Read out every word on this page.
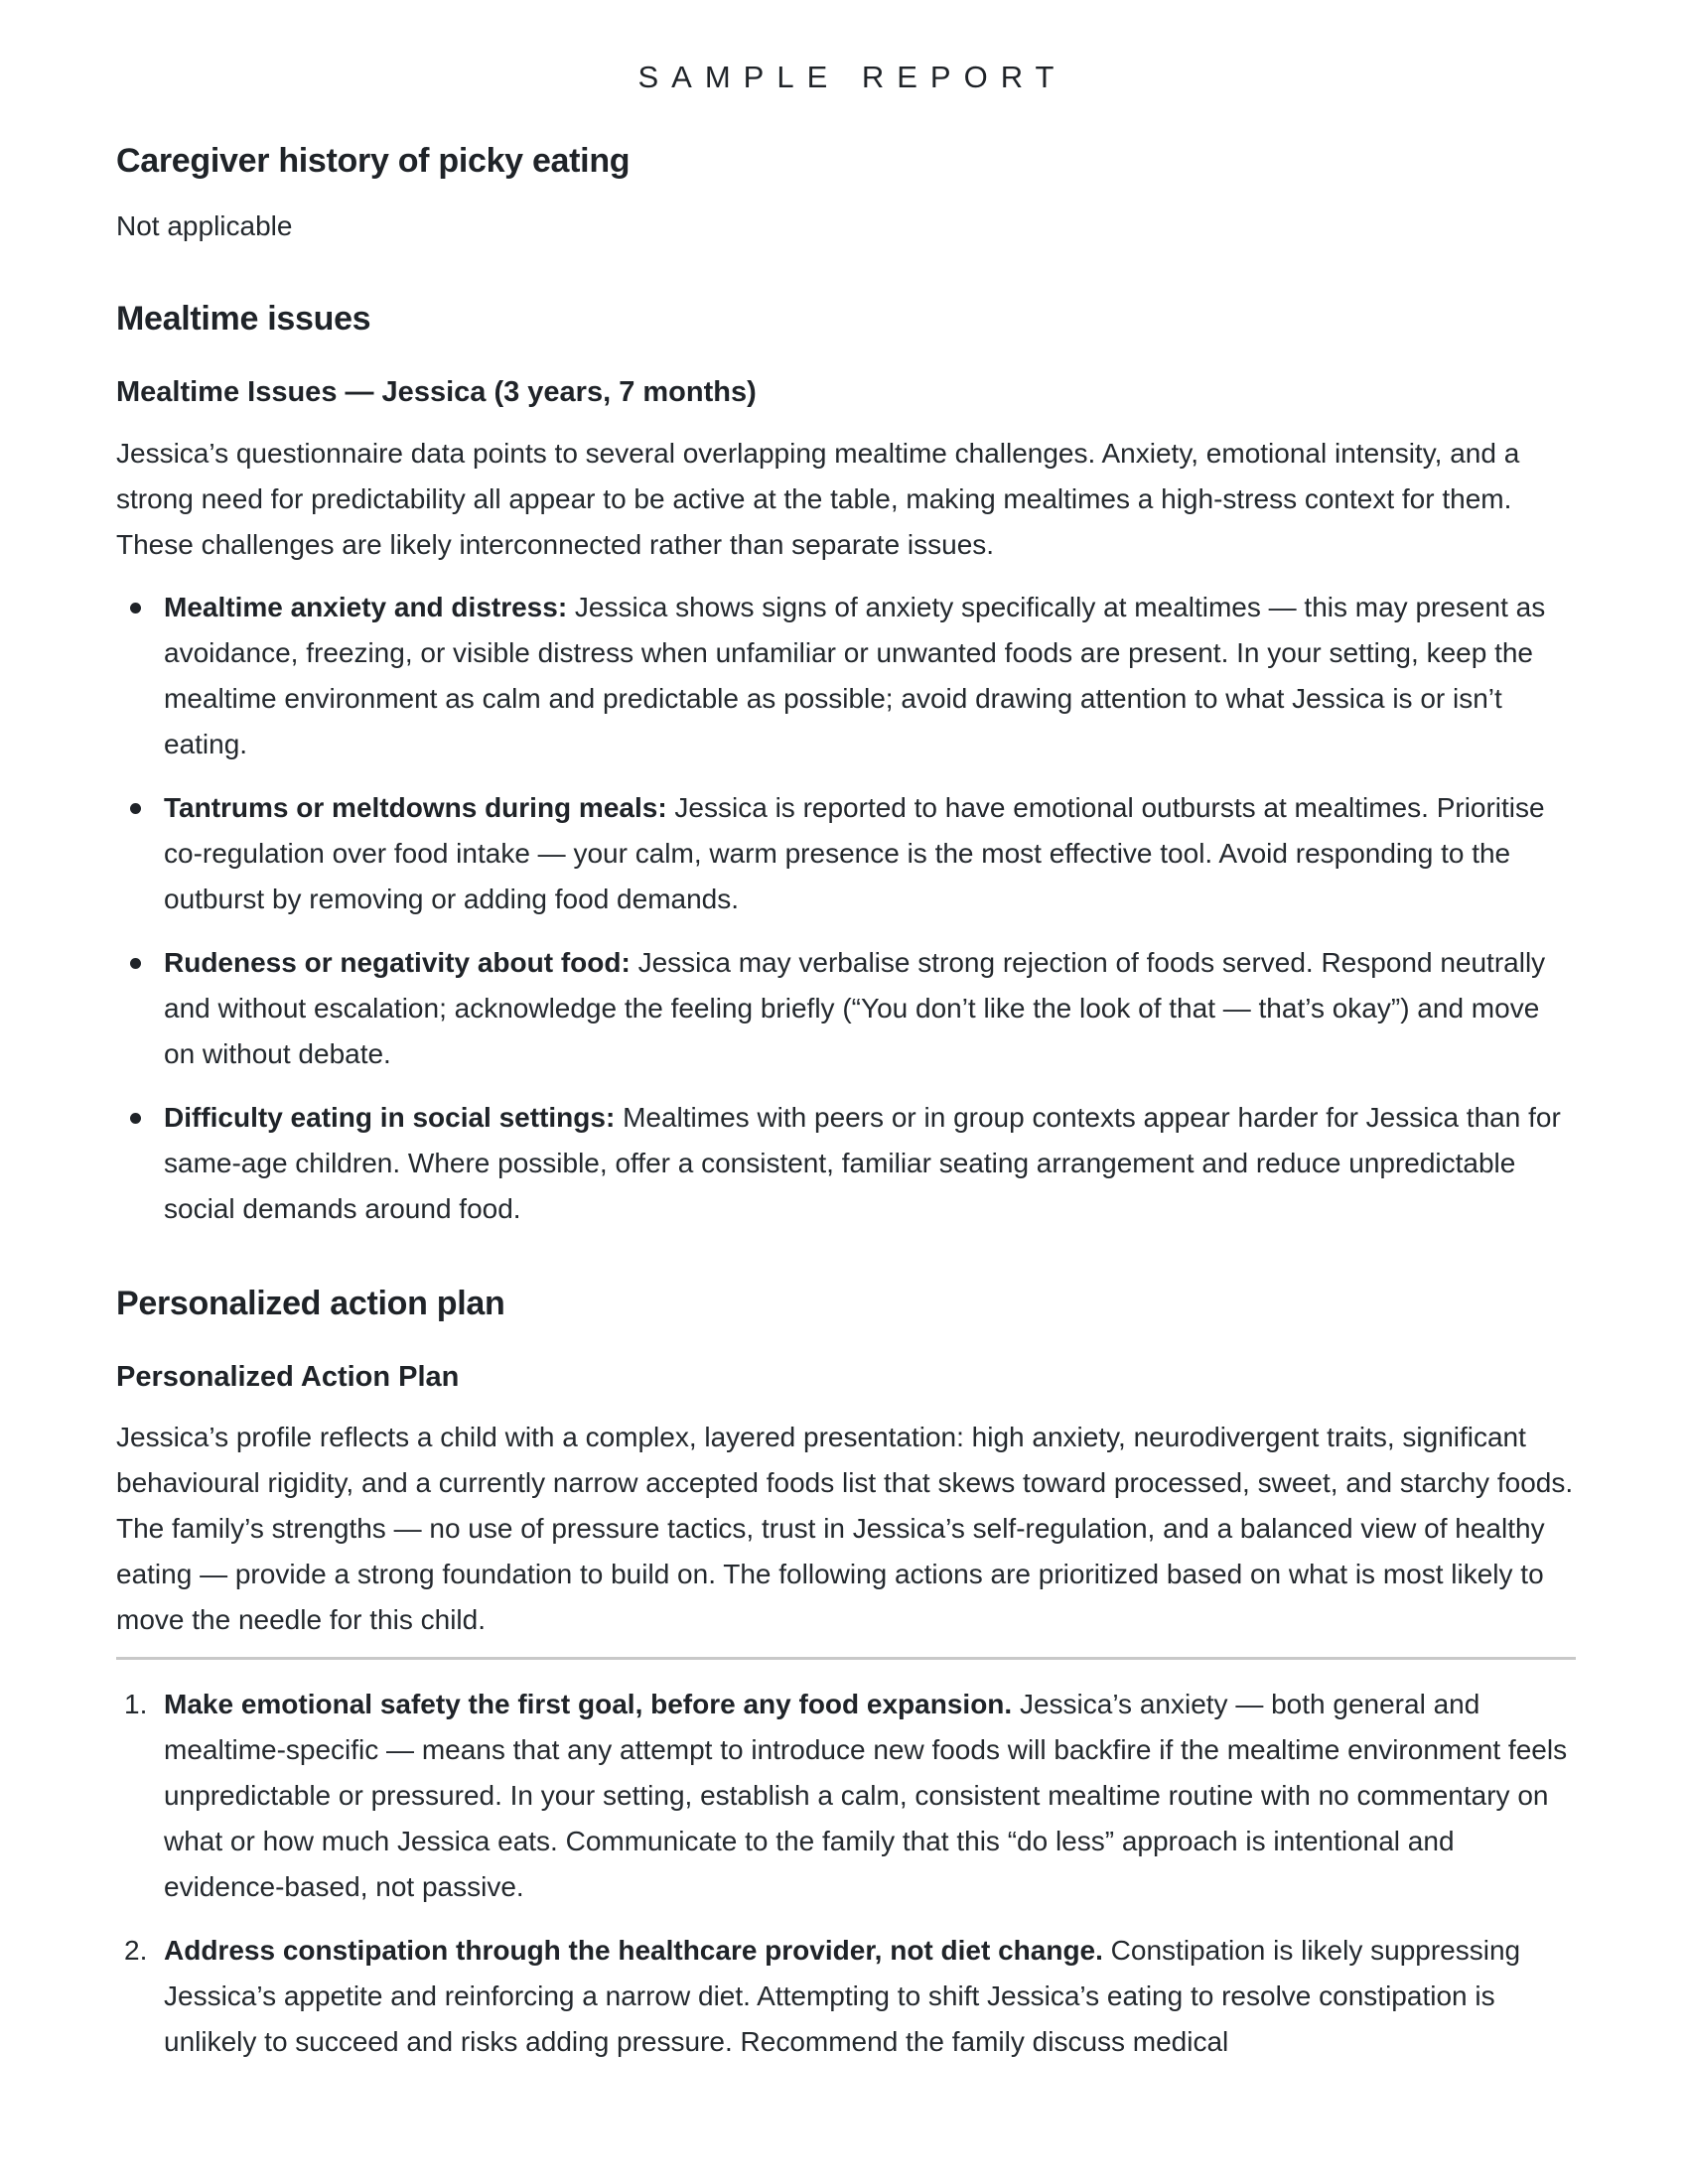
SAMPLE REPORT
Caregiver history of picky eating
Not applicable
Mealtime issues
Mealtime Issues — Jessica (3 years, 7 months)
Jessica’s questionnaire data points to several overlapping mealtime challenges. Anxiety, emotional intensity, and a strong need for predictability all appear to be active at the table, making mealtimes a high-stress context for them. These challenges are likely interconnected rather than separate issues.
Mealtime anxiety and distress: Jessica shows signs of anxiety specifically at mealtimes — this may present as avoidance, freezing, or visible distress when unfamiliar or unwanted foods are present. In your setting, keep the mealtime environment as calm and predictable as possible; avoid drawing attention to what Jessica is or isn’t eating.
Tantrums or meltdowns during meals: Jessica is reported to have emotional outbursts at mealtimes. Prioritise co-regulation over food intake — your calm, warm presence is the most effective tool. Avoid responding to the outburst by removing or adding food demands.
Rudeness or negativity about food: Jessica may verbalise strong rejection of foods served. Respond neutrally and without escalation; acknowledge the feeling briefly (“You don’t like the look of that — that’s okay”) and move on without debate.
Difficulty eating in social settings: Mealtimes with peers or in group contexts appear harder for Jessica than for same-age children. Where possible, offer a consistent, familiar seating arrangement and reduce unpredictable social demands around food.
Personalized action plan
Personalized Action Plan
Jessica’s profile reflects a child with a complex, layered presentation: high anxiety, neurodivergent traits, significant behavioural rigidity, and a currently narrow accepted foods list that skews toward processed, sweet, and starchy foods. The family’s strengths — no use of pressure tactics, trust in Jessica’s self-regulation, and a balanced view of healthy eating — provide a strong foundation to build on. The following actions are prioritized based on what is most likely to move the needle for this child.
1. Make emotional safety the first goal, before any food expansion. Jessica’s anxiety — both general and mealtime-specific — means that any attempt to introduce new foods will backfire if the mealtime environment feels unpredictable or pressured. In your setting, establish a calm, consistent mealtime routine with no commentary on what or how much Jessica eats. Communicate to the family that this “do less” approach is intentional and evidence-based, not passive.
2. Address constipation through the healthcare provider, not diet change. Constipation is likely suppressing Jessica’s appetite and reinforcing a narrow diet. Attempting to shift Jessica’s eating to resolve constipation is unlikely to succeed and risks adding pressure. Recommend the family discuss medical
